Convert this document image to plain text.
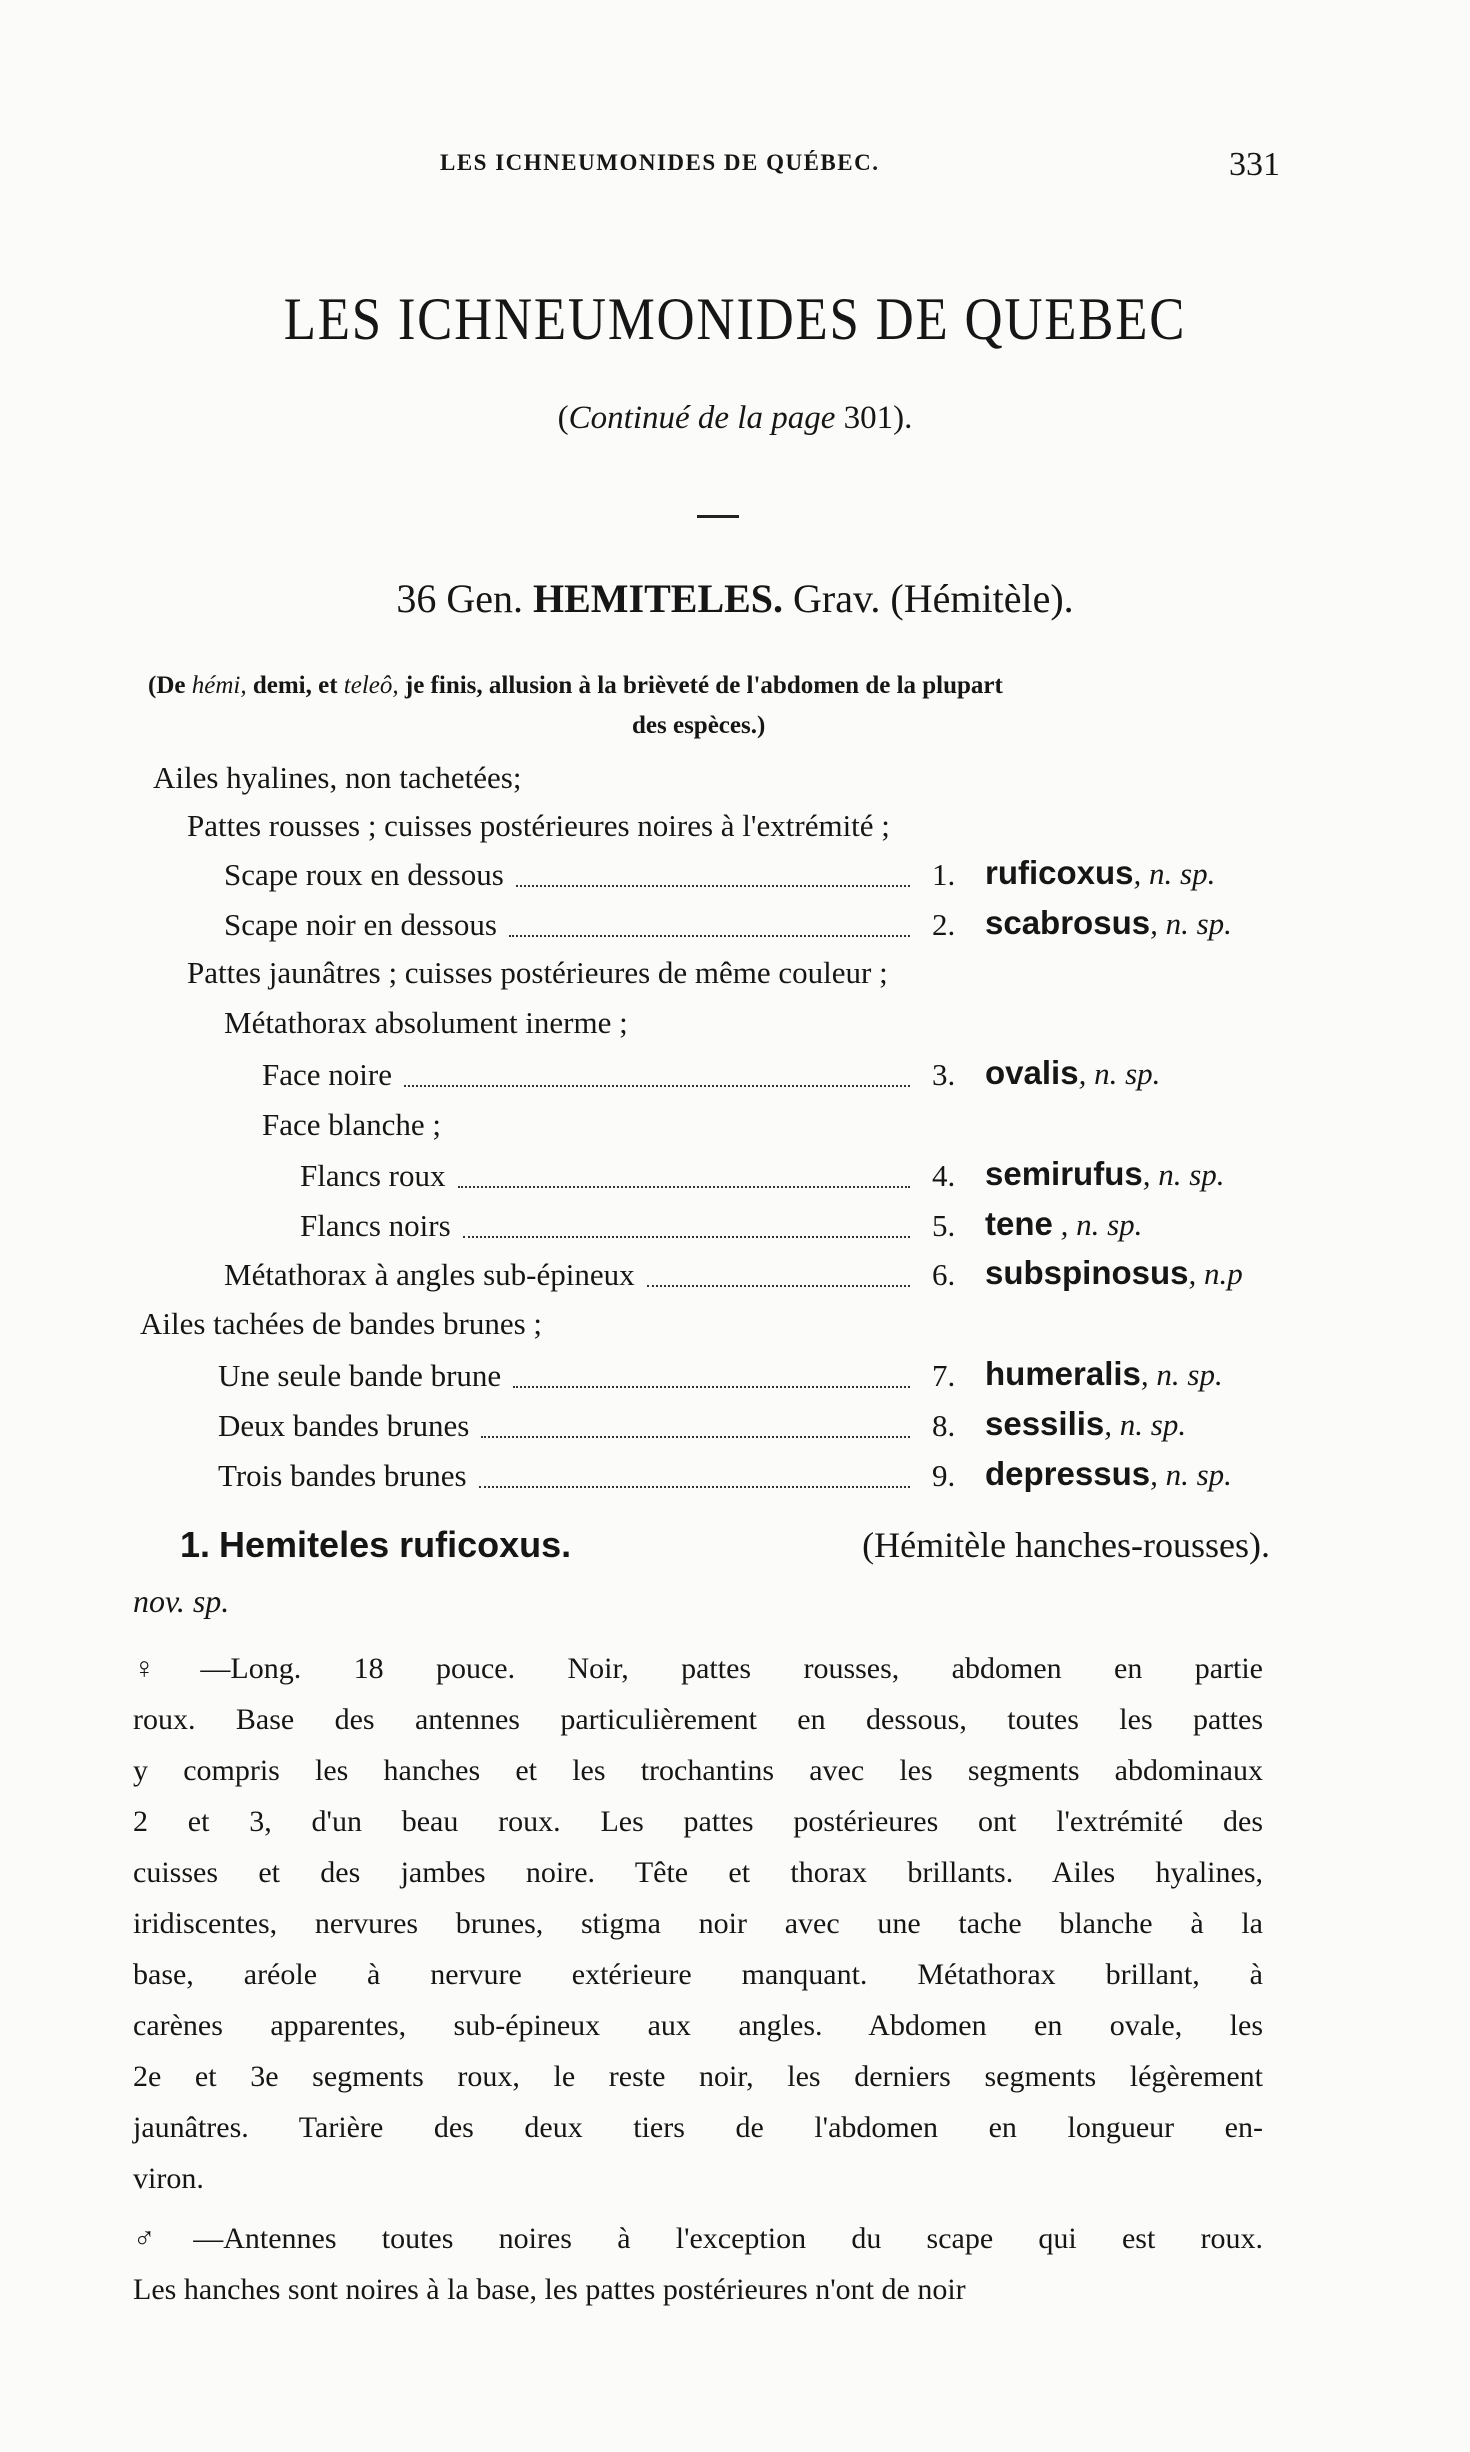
LES ICHNEUMONIDES DE QUÉBEC.	331
LES ICHNEUMONIDES DE QUEBEC
(Continué de la page 301).
36 Gen. HEMITELES. Grav. (Hémitèle).
(De hémi, demi, et teleô, je finis, allusion à la brièveté de l'abdomen de la plupart
des espèces.)
Ailes hyalines, non tachetées;
Pattes rousses ; cuisses postérieures noires à l'extrémité ;
Scape roux en dessous	1. ruficoxus, n. sp.
Scape noir en dessous	2. scabrosus, n. sp.
Pattes jaunâtres ; cuisses postérieures de même couleur ;
Métathorax absolument inerme ;
Face noire	3. ovalis, n. sp.
Face blanche ;
Flancs roux	4. semirufus, n. sp.
Flancs noirs	5. tene , n. sp.
Métathorax à angles sub-épineux	6. subspinosus, n.p
Ailes tachées de bandes brunes ;
Une seule bande brune	7. humeralis, n. sp.
Deux bandes brunes	8. sessilis, n. sp.
Trois bandes brunes	9. depressus, n. sp.
1. Hemiteles ruficoxus.	(Hémitèle hanches-rousses).
nov. sp.
♀—Long. 18 pouce. Noir, pattes rousses, abdomen en partie
roux. Base des antennes particulièrement en dessous, toutes les pattes
y compris les hanches et les trochantins avec les segments abdominaux
2 et 3, d'un beau roux. Les pattes postérieures ont l'extrémité des
cuisses et des jambes noire. Tête et thorax brillants. Ailes hyalines,
iridiscentes, nervures brunes, stigma noir avec une tache blanche à la
base, aréole à nervure extérieure manquant. Métathorax brillant, à
carènes apparentes, sub-épineux aux angles. Abdomen en ovale, les
2e et 3e segments roux, le reste noir, les derniers segments légèrement
jaunâtres. Tarière des deux tiers de l'abdomen en longueur en-
viron.
♂—Antennes toutes noires à l'exception du scape qui est roux.
Les hanches sont noires à la base, les pattes postérieures n'ont de noir
